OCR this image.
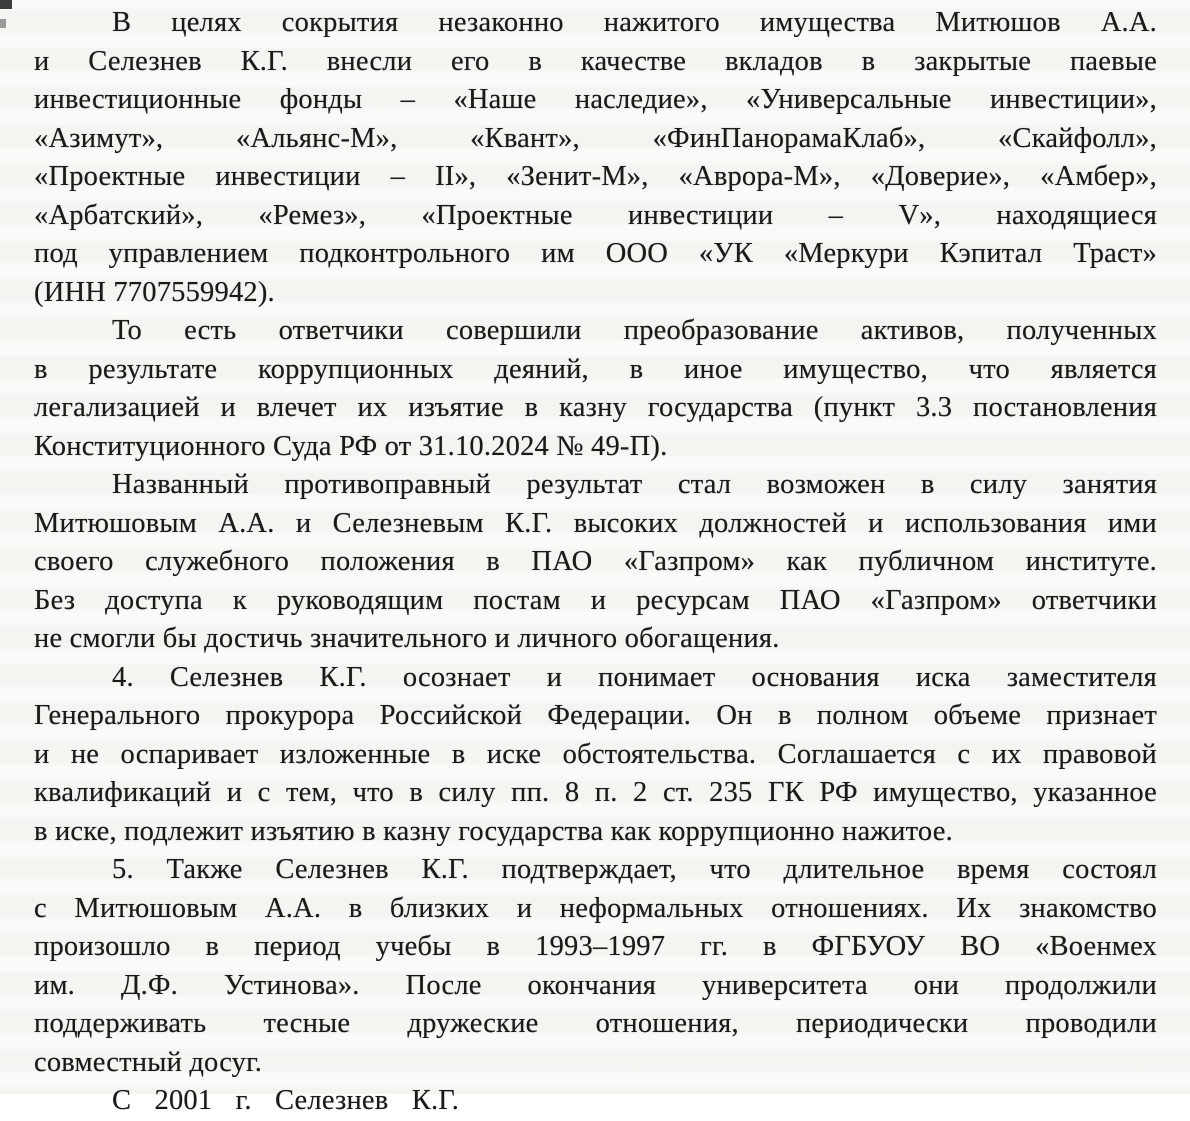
В целях сокрытия незаконно нажитого имущества Митюшов А.А.
и Селезнев К.Г. внесли его в качестве вкладов в закрытые паевые
инвестиционные фонды – «Наше наследие», «Универсальные инвестиции»,
«Азимут», «Альянс-М», «Квант», «ФинПанорамаКлаб», «Скайфолл»,
«Проектные инвестиции – II», «Зенит-М», «Аврора-М», «Доверие», «Амбер»,
«Арбатский», «Ремез», «Проектные инвестиции – V», находящиеся
под управлением подконтрольного им ООО «УК «Меркури Кэпитал Траст»
(ИНН 7707559942).
То есть ответчики совершили преобразование активов, полученных
в результате коррупционных деяний, в иное имущество, что является
легализацией и влечет их изъятие в казну государства (пункт 3.3 постановления
Конституционного Суда РФ от 31.10.2024 № 49-П).
Названный противоправный результат стал возможен в силу занятия
Митюшовым А.А. и Селезневым К.Г. высоких должностей и использования ими
своего служебного положения в ПАО «Газпром» как публичном институте.
Без доступа к руководящим постам и ресурсам ПАО «Газпром» ответчики
не смогли бы достичь значительного и личного обогащения.
4. Селезнев К.Г. осознает и понимает основания иска заместителя
Генерального прокурора Российской Федерации. Он в полном объеме признает
и не оспаривает изложенные в иске обстоятельства. Соглашается с их правовой
квалификаций и с тем, что в силу пп. 8 п. 2 ст. 235 ГК РФ имущество, указанное
в иске, подлежит изъятию в казну государства как коррупционно нажитое.
5. Также Селезнев К.Г. подтверждает, что длительное время состоял
с Митюшовым А.А. в близких и неформальных отношениях. Их знакомство
произошло в период учебы в 1993–1997 гг. в ФГБУОУ ВО «Военмех
им. Д.Ф. Устинова». После окончания университета они продолжили
поддерживать тесные дружеские отношения, периодически проводили
совместный досуг.
С 2001 г. Селезнев К.Г.
